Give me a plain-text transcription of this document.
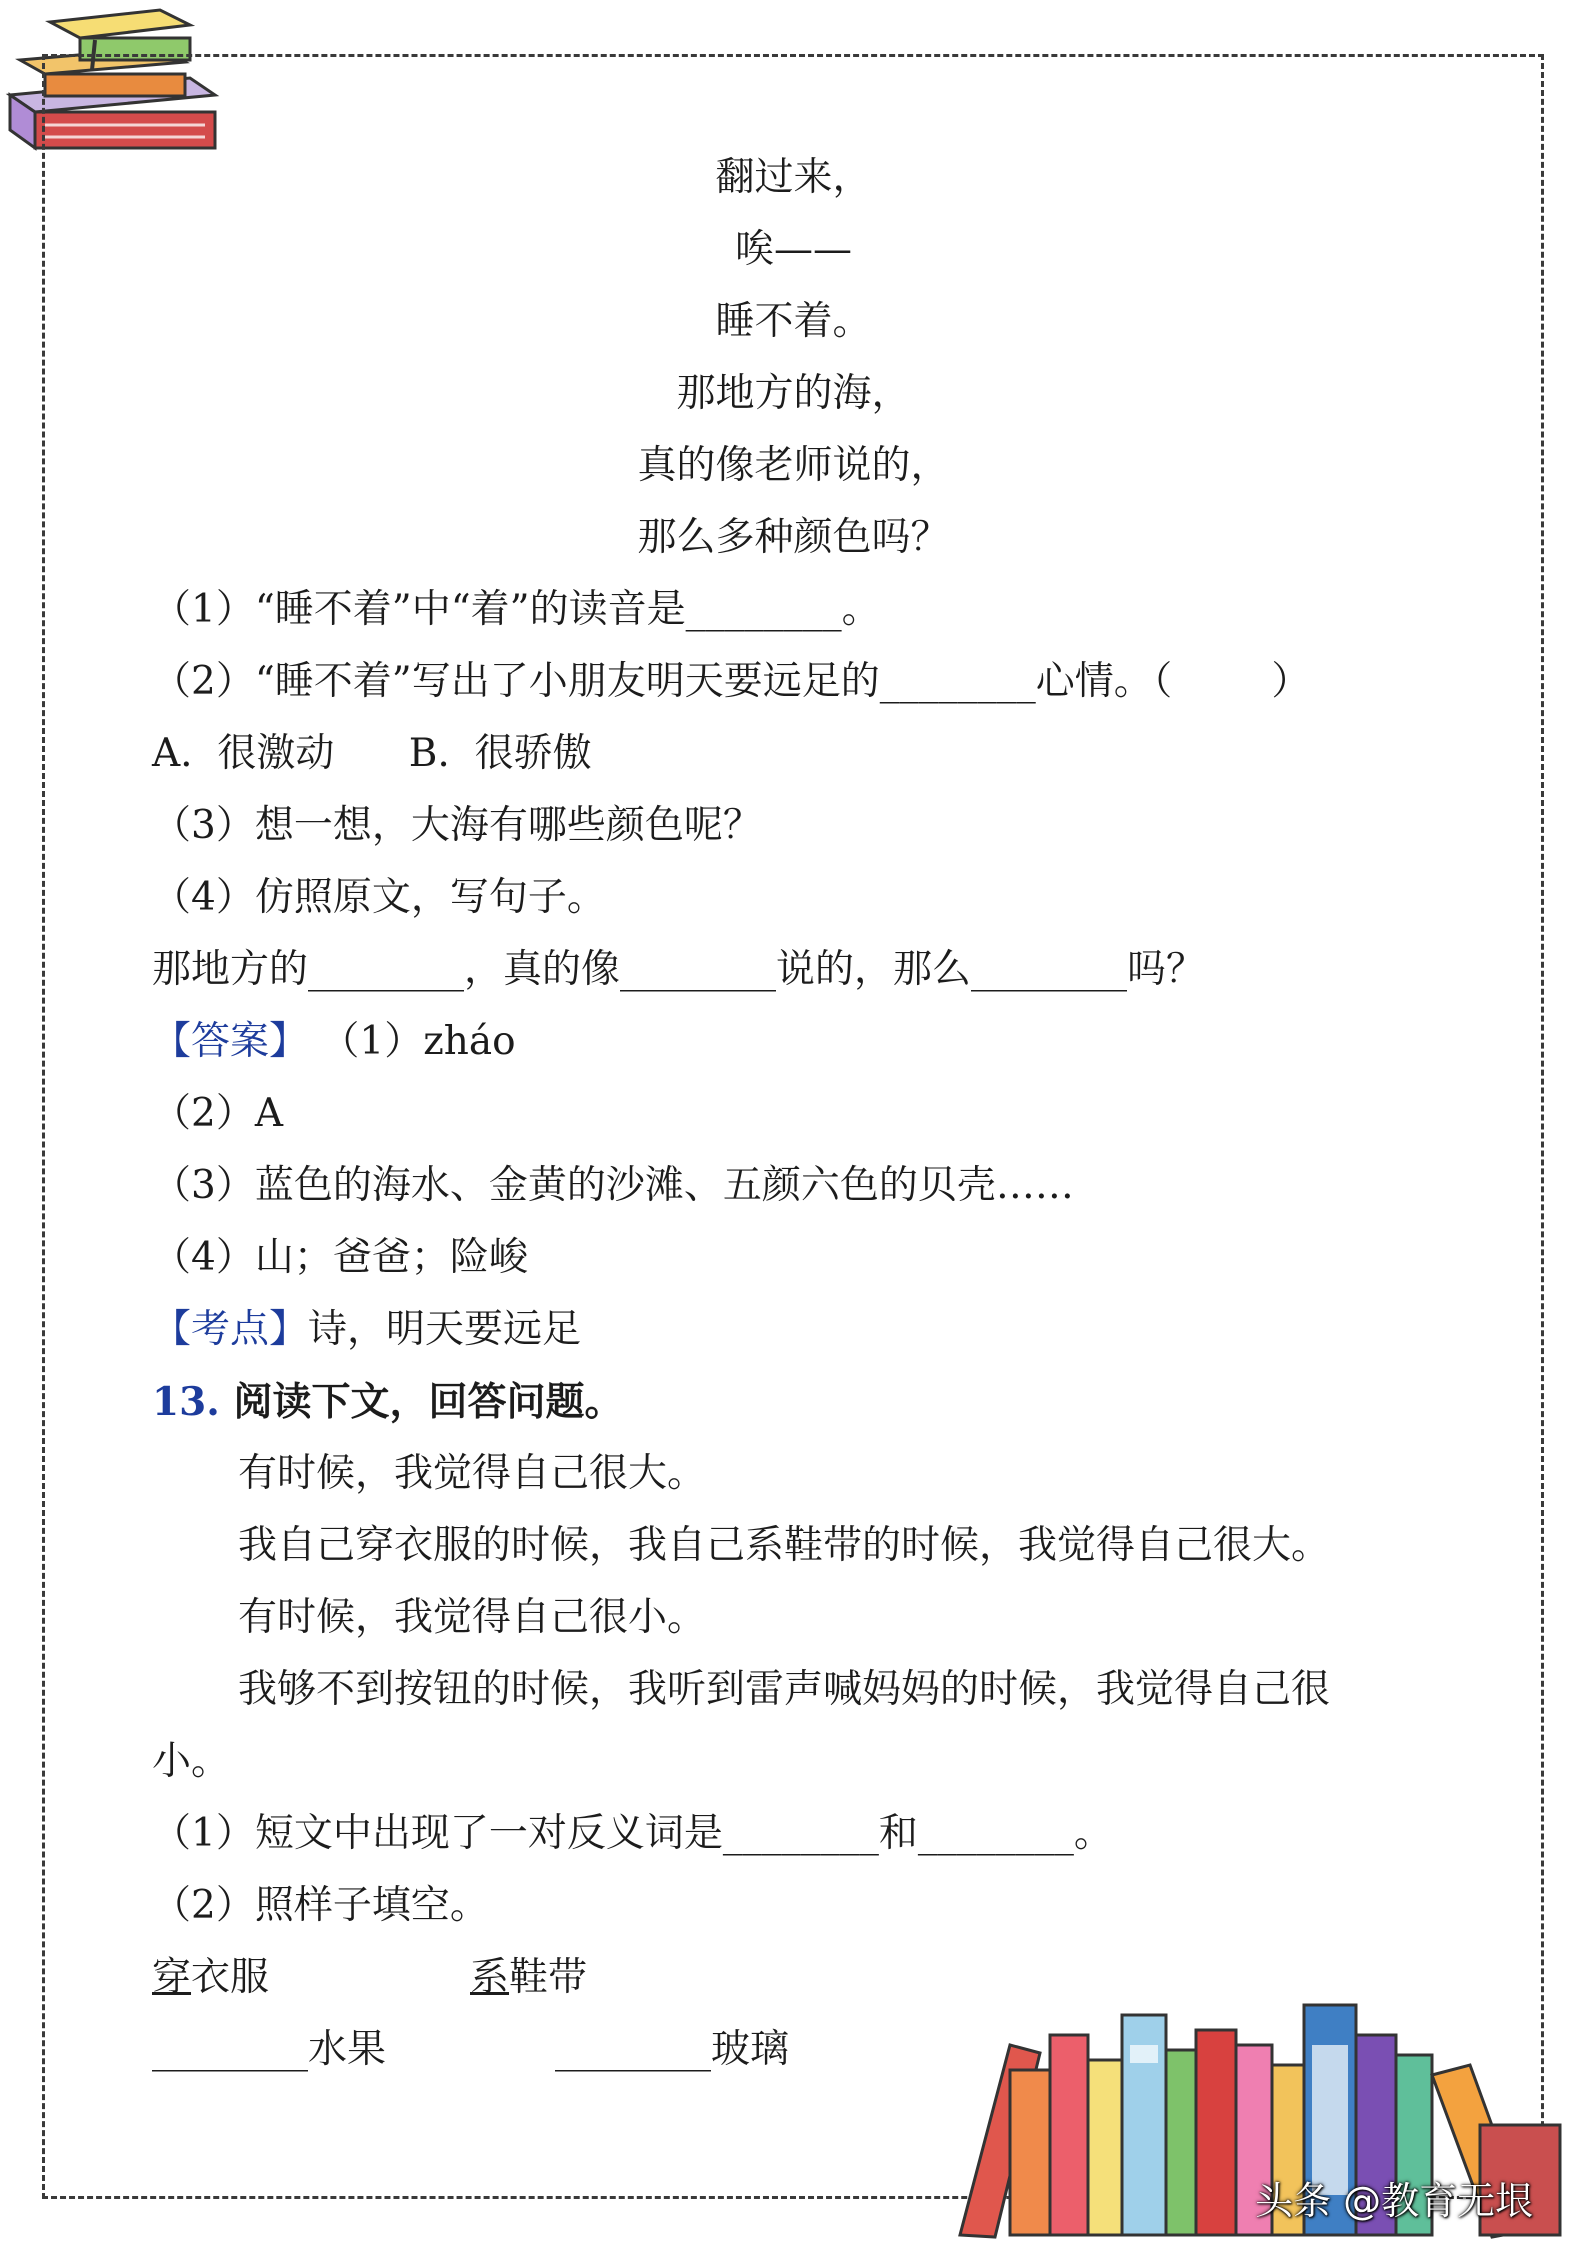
翻过来，
唉——
睡不着。
那地方的海，
真的像老师说的，
那么多种颜色吗？
（1）“睡不着”中“着”的读音是________。
（2）“睡不着”写出了小朋友明天要远足的________心情。（        ）
A.  很激动      B.  很骄傲
（3）想一想，大海有哪些颜色呢？
（4）仿照原文，写句子。
那地方的________，真的像________说的，那么________吗？
【答案】 （1）zháo
（2）A
（3）蓝色的海水、金黄的沙滩、五颜六色的贝壳……
（4）山；爸爸；险峻
【考点】诗，明天要远足
13. 阅读下文，回答问题。
有时候，我觉得自己很大。
我自己穿衣服的时候，我自己系鞋带的时候，我觉得自己很大。
有时候，我觉得自己很小。
我够不到按钮的时候，我听到雷声喊妈妈的时候，我觉得自己很
小。
（1）短文中出现了一对反义词是________和________。
（2）照样子填空。
穿衣服	系鞋带
________水果	________玻璃
头条 @教育无垠
